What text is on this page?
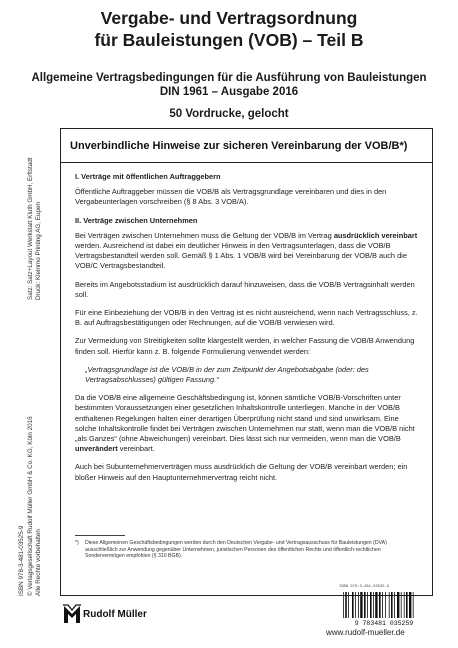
Vergabe- und Vertragsordnung
für Bauleistungen (VOB) – Teil B
Allgemeine Vertragsbedingungen für die Ausführung von Bauleistungen
DIN 1961 – Ausgabe 2016
50 Vordrucke, gelocht
ISBN 978-3-481-03525-9 © Verlagsgesellschaft Rudolf Müller GmbH & Co. KG, Köln 2016 Alle Rechte vorbehalten
Satz: Satz+Layout Werkstatt Kluth GmbH, Erftstadt Druck: Kleinmo Printing AG, Eupen
Unverbindliche Hinweise zur sicheren Vereinbarung der VOB/B*)

I. Verträge mit öffentlichen Auftraggebern

Öffentliche Auftraggeber müssen die VOB/B als Vertragsgrundlage vereinbaren und dies in den Vergabeunterlagen vorschreiben (§ 8 Abs. 3 VOB/A).

II. Verträge zwischen Unternehmen

Bei Verträgen zwischen Unternehmen muss die Geltung der VOB/B im Vertrag ausdrücklich vereinbart werden. Ausreichend ist dabei ein deutlicher Hinweis in den Vertragsunterlagen, dass die VOB/B Vertragsbestandteil werden soll. Gemäß § 1 Abs. 1 VOB/B wird bei Vereinbarung der VOB/B auch die VOB/C Vertragsbestandteil.

Bereits im Angebotsstadium ist ausdrücklich darauf hinzuweisen, dass die VOB/B Vertragsinhalt werden soll.

Für eine Einbeziehung der VOB/B in den Vertrag ist es nicht ausreichend, wenn nach Vertragsschluss, z. B. auf Auftragsbestätigungen oder Rechnungen, auf die VOB/B verwiesen wird.

Zur Vermeidung von Streitigkeiten sollte klargestellt werden, in welcher Fassung die VOB/B Anwendung finden soll. Hierfür kann z. B. folgende Formulierung verwendet werden:

„Vertragsgrundlage ist die VOB/B in der zum Zeitpunkt der Angebotsabgabe (oder: des Vertragsabschlusses) gültigen Fassung.“

Da die VOB/B eine allgemeine Geschäftsbedingung ist, können sämtliche VOB/B-Vorschriften unter bestimmten Voraussetzungen einer gesetzlichen Inhaltskontrolle unterliegen. Manche in der VOB/B enthaltenen Regelungen halten einer derartigen Überprüfung nicht stand und sind unwirksam. Eine solche Inhaltskontrolle findet bei Verträgen zwischen Unternehmen nur statt, wenn man die VOB/B nicht „als Ganzes“ (ohne Abweichungen) vereinbart. Dies lässt sich nur vermeiden, wenn man die VOB/B unverändert vereinbart.

Auch bei Subunternehmerverträgen muss ausdrücklich die Geltung der VOB/B vereinbart werden; ein bloßer Hinweis auf den Hauptunternehmervertrag reicht nicht.

*) Diese Allgemeinen Geschäftsbedingungen werden durch den Deutschen Vergabe- und Vertragsausschuss für Bauleistungen (DVA) ausschließlich zur Anwendung gegenüber Unternehmen, juristischen Personen des öffentlichen Rechts und öffentlich-rechtlichen Sondervermögen empfohlen (§ 310 BGB).
ISBN 978-3-481-03525-9
9 783481 035259
Rudolf Müller
www.rudolf-mueller.de
